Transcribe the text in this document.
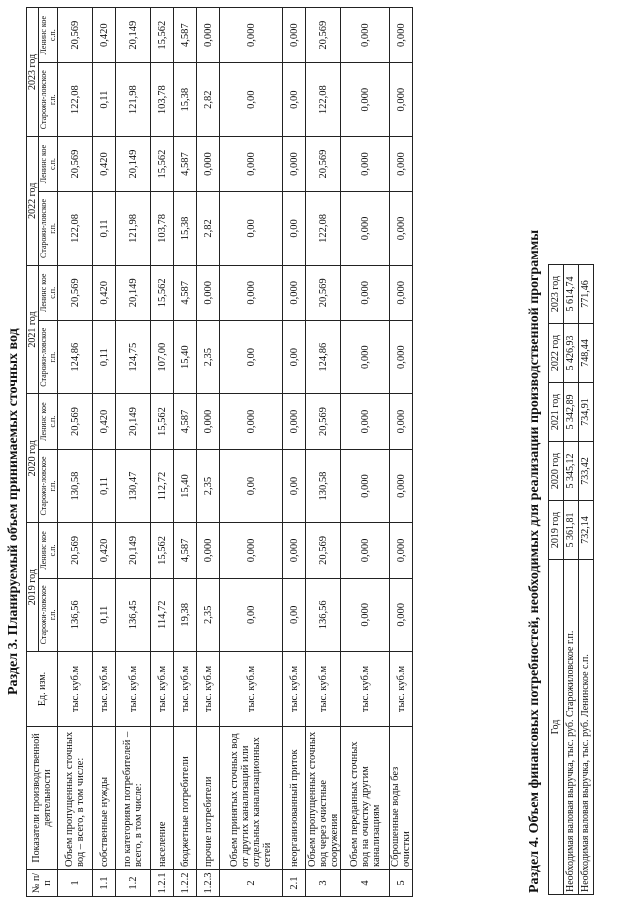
Раздел 3. Планируемый объем принимаемых сточных вод
№ п/п	Показатели производственной деятельности	Ед. изм.	2019 год		2020 год		2021 год		2022 год		2023 год	
			Старожи-ловское г.п.	Ленинс кое с.п.	Старожи-ловское г.п.	Ленинс кое с.п.	Старожи-ловское г.п.	Ленинс кое с.п.	Старожи-ловское г.п.	Ленинс кое с.п.	Старожи-ловское г.п.	Ленинс кое с.п.
1	Объем пропущенных сточных вод – всего, в том числе:	тыс. куб.м	136,56	20,569	130,58	20,569	124,86	20,569	122,08	20,569	122,08	20,569
1.1	собственные нужды	тыс. куб.м	0,11	0,420	0,11	0,420	0,11	0,420	0,11	0,420	0,11	0,420
1.2	по категориям потребителей – всего, в том числе:	тыс. куб.м	136,45	20,149	130,47	20,149	124,75	20,149	121,98	20,149	121,98	20,149
1.2.1	население	тыс. куб.м	114,72	15,562	112,72	15,562	107,00	15,562	103,78	15,562	103,78	15,562
1.2.2	бюджетные потребители	тыс. куб.м	19,38	4,587	15,40	4,587	15,40	4,587	15,38	4,587	15,38	4,587
1.2.3	прочие потребители	тыс. куб.м	2,35	0,000	2,35	0,000	2,35	0,000	2,82	0,000	2,82	0,000
2	Объем принятых сточных вод от других канализаций или отдельных канализационных сетей	тыс. куб.м	0,00	0,000	0,00	0,000	0,00	0,000	0,00	0,000	0,00	0,000
2.1	неорганизованный приток	тыс. куб.м	0,00	0,000	0,00	0,000	0,00	0,000	0,00	0,000	0,00	0,000
3	Объем пропущенных сточных вод через очистные сооружения	тыс. куб.м	136,56	20,569	130,58	20,569	124,86	20,569	122,08	20,569	122,08	20,569
4	Объем переданных сточных вод на очистку другим канализациям	тыс. куб.м	0,000	0,000	0,000	0,000	0,000	0,000	0,000	0,000	0,000	0,000
5	Сброшенные воды без очистки	тыс. куб.м	0,000	0,000	0,000	0,000	0,000	0,000	0,000	0,000	0,000	0,000
Раздел 4. Объем финансовых потребностей, необходимых для реализации производственной программы Год	2019 год	2020 год	2021 год	2022 год	2023 год
Необходимая валовая выручка, тыс. руб. Старожиловское г.п.	5 361,81	5 345,12	5 342,89	5 426,93	5 614,74
Необходимая валовая выручка, тыс. руб. Ленинское с.п.	732,14	733,42	734,91	748,44	771,46
